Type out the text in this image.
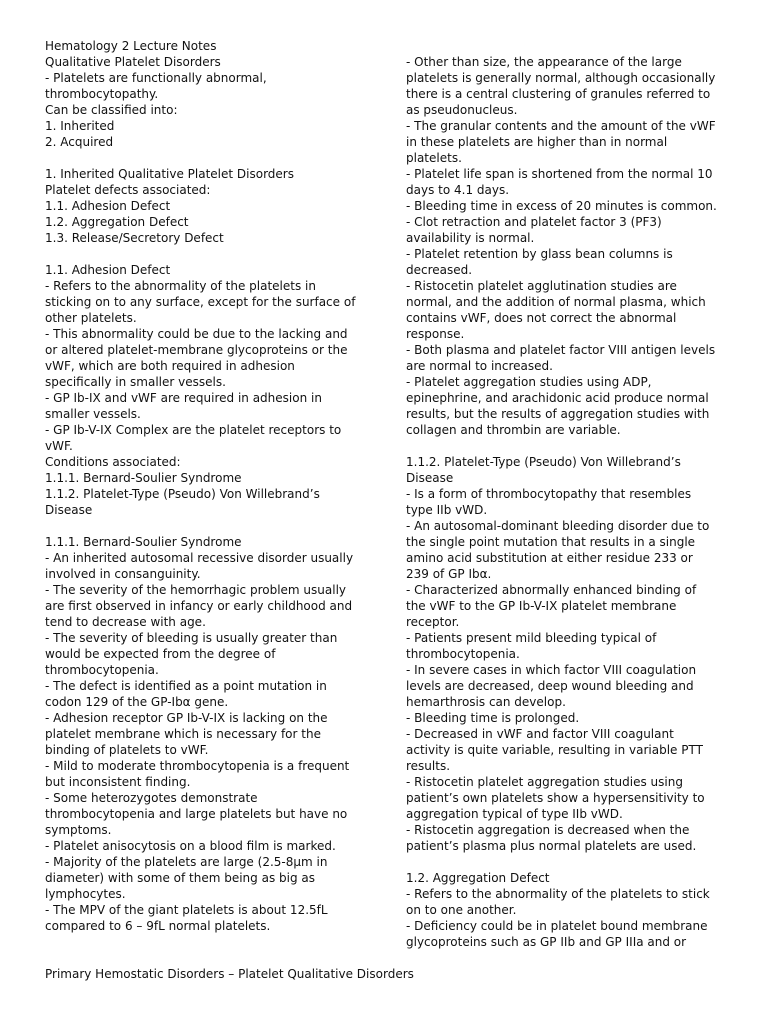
Hematology 2 Lecture Notes
Qualitative Platelet Disorders
- Platelets are functionally abnormal,
thrombocytopathy.
Can be classified into:
1. Inherited
2. Acquired
1. Inherited Qualitative Platelet Disorders
Platelet defects associated:
1.1. Adhesion Defect
1.2. Aggregation Defect
1.3. Release/Secretory Defect
1.1. Adhesion Defect
- Refers to the abnormality of the platelets in
sticking on to any surface, except for the surface of
other platelets.
- This abnormality could be due to the lacking and
or altered platelet-membrane glycoproteins or the
vWF, which are both required in adhesion
specifically in smaller vessels.
- GP Ib-IX and vWF are required in adhesion in
smaller vessels.
- GP Ib-V-IX Complex are the platelet receptors to
vWF.
Conditions associated:
1.1.1. Bernard-Soulier Syndrome
1.1.2. Platelet-Type (Pseudo) Von Willebrand’s
Disease
1.1.1. Bernard-Soulier Syndrome
- An inherited autosomal recessive disorder usually
involved in consanguinity.
- The severity of the hemorrhagic problem usually
are first observed in infancy or early childhood and
tend to decrease with age.
- The severity of bleeding is usually greater than
would be expected from the degree of
thrombocytopenia.
- The defect is identified as a point mutation in
codon 129 of the GP-Ibα gene.
- Adhesion receptor GP Ib-V-IX is lacking on the
platelet membrane which is necessary for the
binding of platelets to vWF.
- Mild to moderate thrombocytopenia is a frequent
but inconsistent finding.
- Some heterozygotes demonstrate
thrombocytopenia and large platelets but have no
symptoms.
- Platelet anisocytosis on a blood film is marked.
- Majority of the platelets are large (2.5-8μm in
diameter) with some of them being as big as
lymphocytes.
- The MPV of the giant platelets is about 12.5fL
compared to 6 – 9fL normal platelets.
- Other than size, the appearance of the large
platelets is generally normal, although occasionally
there is a central clustering of granules referred to
as pseudonucleus.
- The granular contents and the amount of the vWF
in these platelets are higher than in normal
platelets.
- Platelet life span is shortened from the normal 10
days to 4.1 days.
- Bleeding time in excess of 20 minutes is common.
- Clot retraction and platelet factor 3 (PF3)
availability is normal.
- Platelet retention by glass bean columns is
decreased.
- Ristocetin platelet agglutination studies are
normal, and the addition of normal plasma, which
contains vWF, does not correct the abnormal
response.
- Both plasma and platelet factor VIII antigen levels
are normal to increased.
- Platelet aggregation studies using ADP,
epinephrine, and arachidonic acid produce normal
results, but the results of aggregation studies with
collagen and thrombin are variable.
1.1.2. Platelet-Type (Pseudo) Von Willebrand’s
Disease
- Is a form of thrombocytopathy that resembles
type IIb vWD.
- An autosomal-dominant bleeding disorder due to
the single point mutation that results in a single
amino acid substitution at either residue 233 or
239 of GP Ibα.
- Characterized abnormally enhanced binding of
the vWF to the GP Ib-V-IX platelet membrane
receptor.
- Patients present mild bleeding typical of
thrombocytopenia.
- In severe cases in which factor VIII coagulation
levels are decreased, deep wound bleeding and
hemarthrosis can develop.
- Bleeding time is prolonged.
- Decreased in vWF and factor VIII coagulant
activity is quite variable, resulting in variable PTT
results.
- Ristocetin platelet aggregation studies using
patient’s own platelets show a hypersensitivity to
aggregation typical of type IIb vWD.
- Ristocetin aggregation is decreased when the
patient’s plasma plus normal platelets are used.
1.2. Aggregation Defect
- Refers to the abnormality of the platelets to stick
on to one another.
- Deficiency could be in platelet bound membrane
glycoproteins such as GP IIb and GP IIIa and or
Primary Hemostatic Disorders – Platelet Qualitative Disorders
